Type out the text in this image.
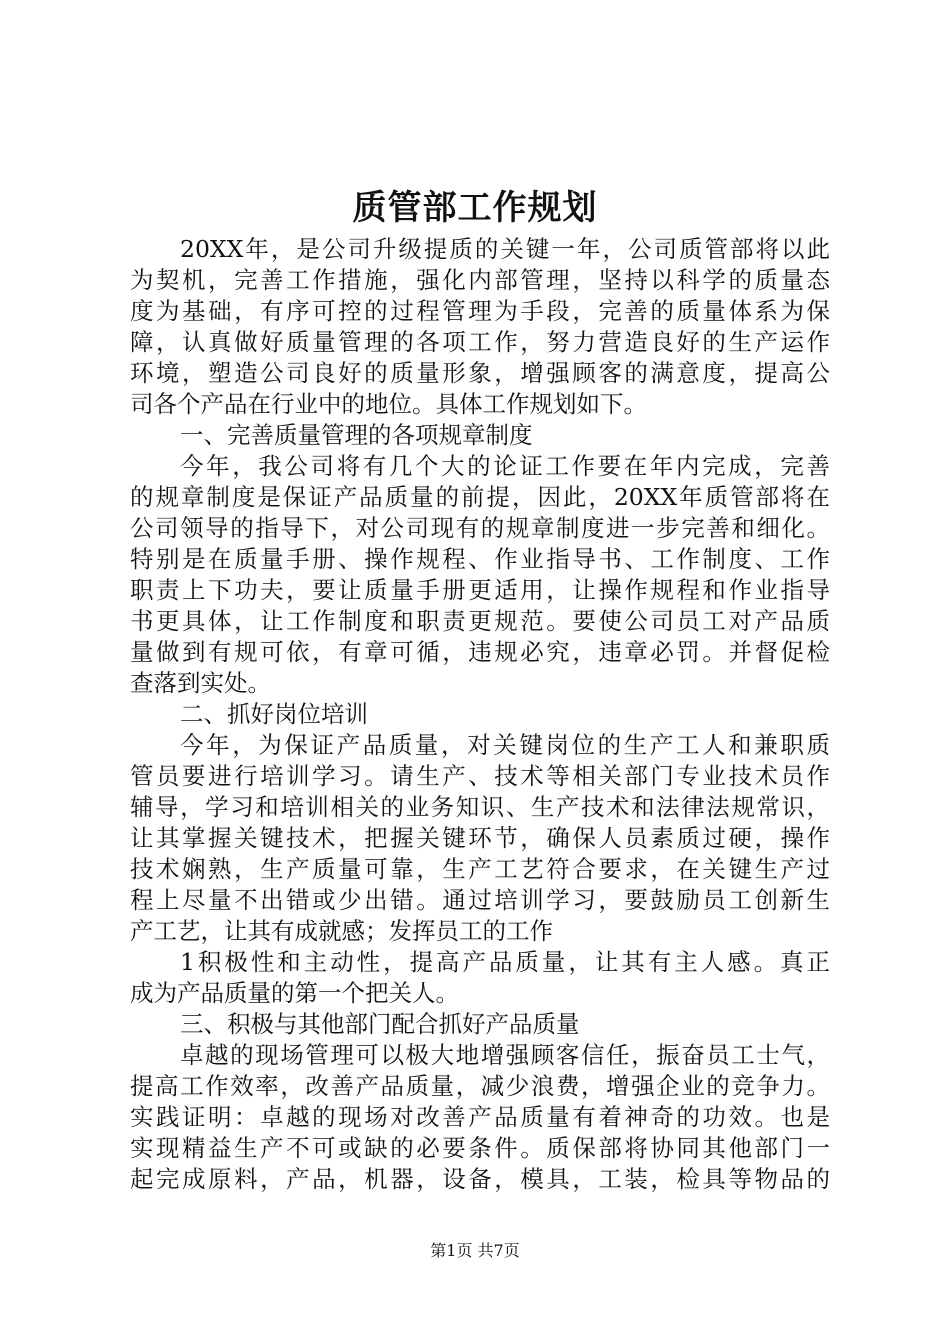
质管部工作规划
20XX年，是公司升级提质的关键一年，公司质管部将以此
为契机，完善工作措施，强化内部管理，坚持以科学的质量态
度为基础，有序可控的过程管理为手段，完善的质量体系为保
障，认真做好质量管理的各项工作，努力营造良好的生产运作
环境，塑造公司良好的质量形象，增强顾客的满意度，提高公
司各个产品在行业中的地位。具体工作规划如下。
一、完善质量管理的各项规章制度
今年，我公司将有几个大的论证工作要在年内完成，完善
的规章制度是保证产品质量的前提，因此，20XX年质管部将在
公司领导的指导下，对公司现有的规章制度进一步完善和细化。
特别是在质量手册、操作规程、作业指导书、工作制度、工作
职责上下功夫，要让质量手册更适用，让操作规程和作业指导
书更具体，让工作制度和职责更规范。要使公司员工对产品质
量做到有规可依，有章可循，违规必究，违章必罚。并督促检
查落到实处。
二、抓好岗位培训
今年，为保证产品质量，对关键岗位的生产工人和兼职质
管员要进行培训学习。请生产、技术等相关部门专业技术员作
辅导，学习和培训相关的业务知识、生产技术和法律法规常识，
让其掌握关键技术，把握关键环节，确保人员素质过硬，操作
技术娴熟，生产质量可靠，生产工艺符合要求，在关键生产过
程上尽量不出错或少出错。通过培训学习，要鼓励员工创新生
产工艺，让其有成就感；发挥员工的工作
1积极性和主动性，提高产品质量，让其有主人感。真正
成为产品质量的第一个把关人。
三、积极与其他部门配合抓好产品质量
卓越的现场管理可以极大地增强顾客信任，振奋员工士气，
提高工作效率，改善产品质量，减少浪费，增强企业的竞争力。
实践证明：卓越的现场对改善产品质量有着神奇的功效。也是
实现精益生产不可或缺的必要条件。质保部将协同其他部门一
起完成原料，产品，机器，设备，模具，工装，检具等物品的
第1页 共7页
